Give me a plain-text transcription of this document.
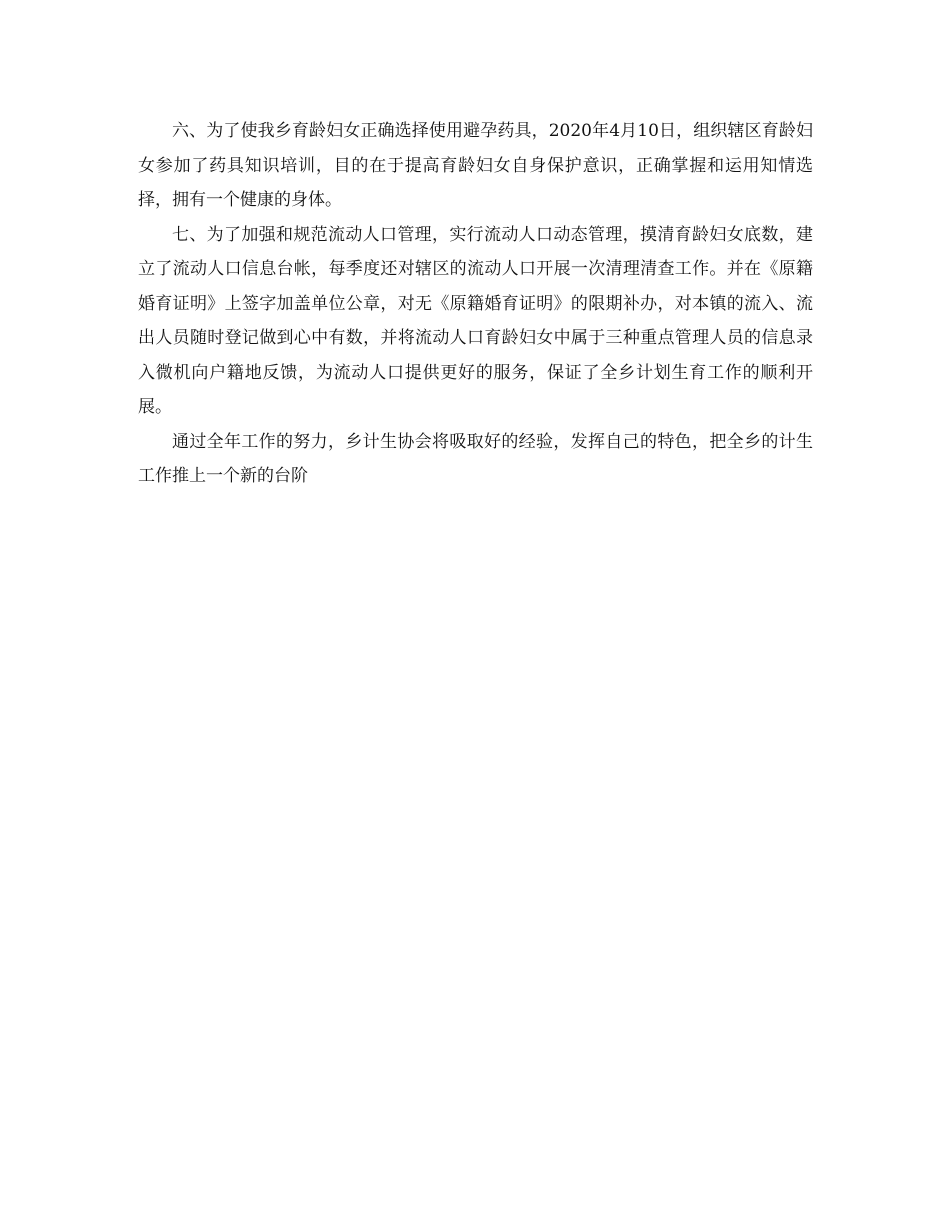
六、为了使我乡育龄妇女正确选择使用避孕药具，2020年4月10日，组织辖区育龄妇女参加了药具知识培训，目的在于提高育龄妇女自身保护意识，正确掌握和运用知情选择，拥有一个健康的身体。

七、为了加强和规范流动人口管理，实行流动人口动态管理，摸清育龄妇女底数，建立了流动人口信息台帐，每季度还对辖区的流动人口开展一次清理清查工作。并在《原籍婚育证明》上签字加盖单位公章，对无《原籍婚育证明》的限期补办，对本镇的流入、流出人员随时登记做到心中有数，并将流动人口育龄妇女中属于三种重点管理人员的信息录入微机向户籍地反馈，为流动人口提供更好的服务，保证了全乡计划生育工作的顺利开展。

通过全年工作的努力，乡计生协会将吸取好的经验，发挥自己的特色，把全乡的计生工作推上一个新的台阶
